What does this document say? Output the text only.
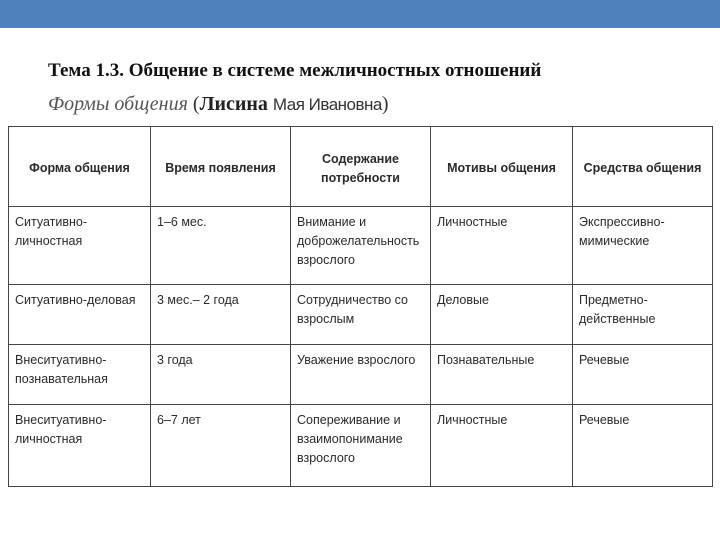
Тема 1.3. Общение в системе межличностных отношений
Формы общения (Лисина Мая Ивановна)
Форма общения	Время появления	Содержание потребности	Мотивы общения	Средства общения
Ситуативно-личностная	1–6 мес.	Внимание и доброжелательность взрослого	Личностные	Экспрессивно-мимические
Ситуативно-деловая	3 мес.– 2 года	Сотрудничество со взрослым	Деловые	Предметно-действенные
Внеситуативно-познавательная	3 года	Уважение взрослого	Познавательные	Речевые
Внеситуативно-личностная	6–7 лет	Сопереживание и взаимопонимание взрослого	Личностные	Речевые
